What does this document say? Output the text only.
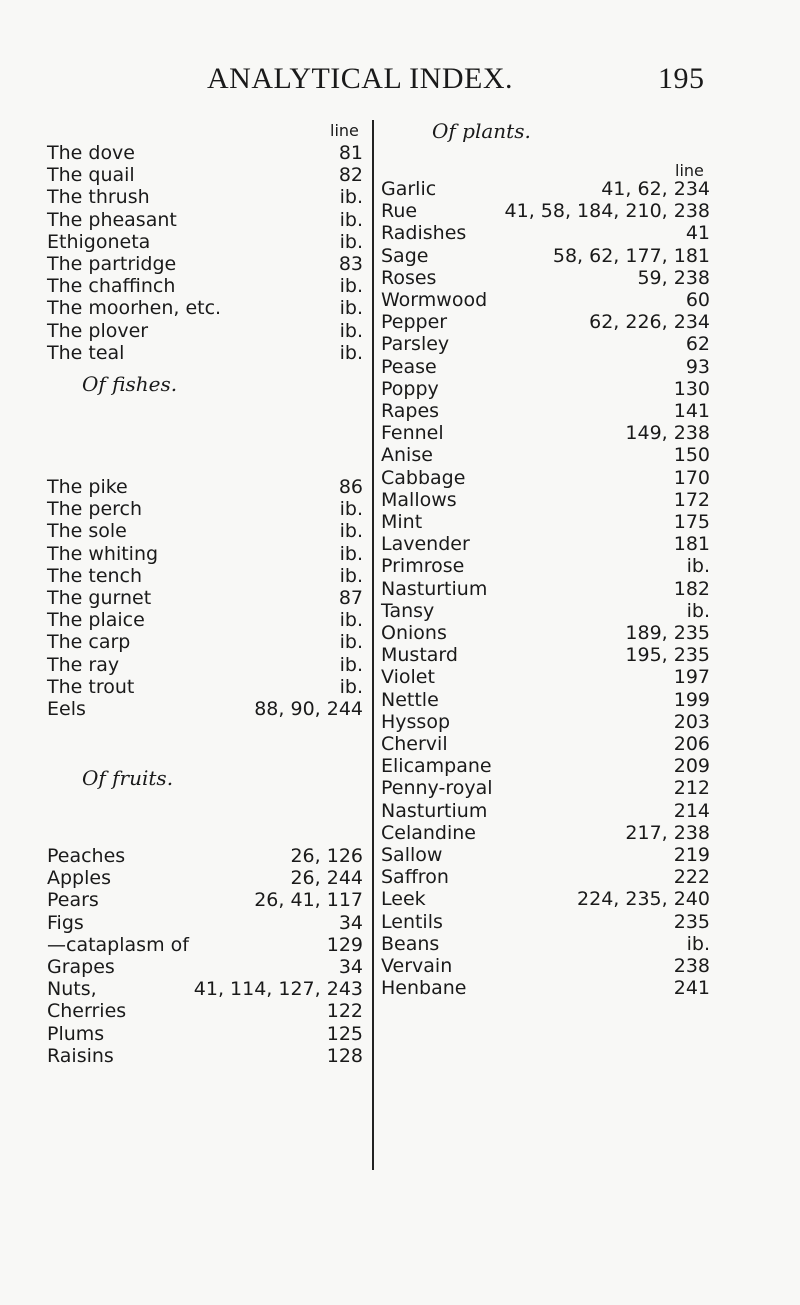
ANALYTICAL INDEX.	195
line
The dove	81
The quail	82
The thrush	ib.
The pheasant	ib.
Ethigoneta	ib.
The partridge	83
The chaffinch	ib.
The moorhen, etc.	ib.
The plover	ib.
The teal	ib.
Of fishes.
The pike	86
The perch	ib.
The sole	ib.
The whiting	ib.
The tench	ib.
The gurnet	87
The plaice	ib.
The carp	ib.
The ray	ib.
The trout	ib.
Eels	88, 90, 244
Of fruits.
Peaches	26, 126
Apples	26, 244
Pears	26, 41, 117
Figs	34
—cataplasm of	129
Grapes	34
Nuts,	41, 114, 127, 243
Cherries	122
Plums	125
Raisins	128
Of plants.
line
Garlic	41, 62, 234
Rue	41, 58, 184, 210, 238
Radishes	41
Sage	58, 62, 177, 181
Roses	59, 238
Wormwood	60
Pepper	62, 226, 234
Parsley	62
Pease	93
Poppy	130
Rapes	141
Fennel	149, 238
Anise	150
Cabbage	170
Mallows	172
Mint	175
Lavender	181
Primrose	ib.
Nasturtium	182
Tansy	ib.
Onions	189, 235
Mustard	195, 235
Violet	197
Nettle	199
Hyssop	203
Chervil	206
Elicampane	209
Penny-royal	212
Nasturtium	214
Celandine	217, 238
Sallow	219
Saffron	222
Leek	224, 235, 240
Lentils	235
Beans	ib.
Vervain	238
Henbane	241
